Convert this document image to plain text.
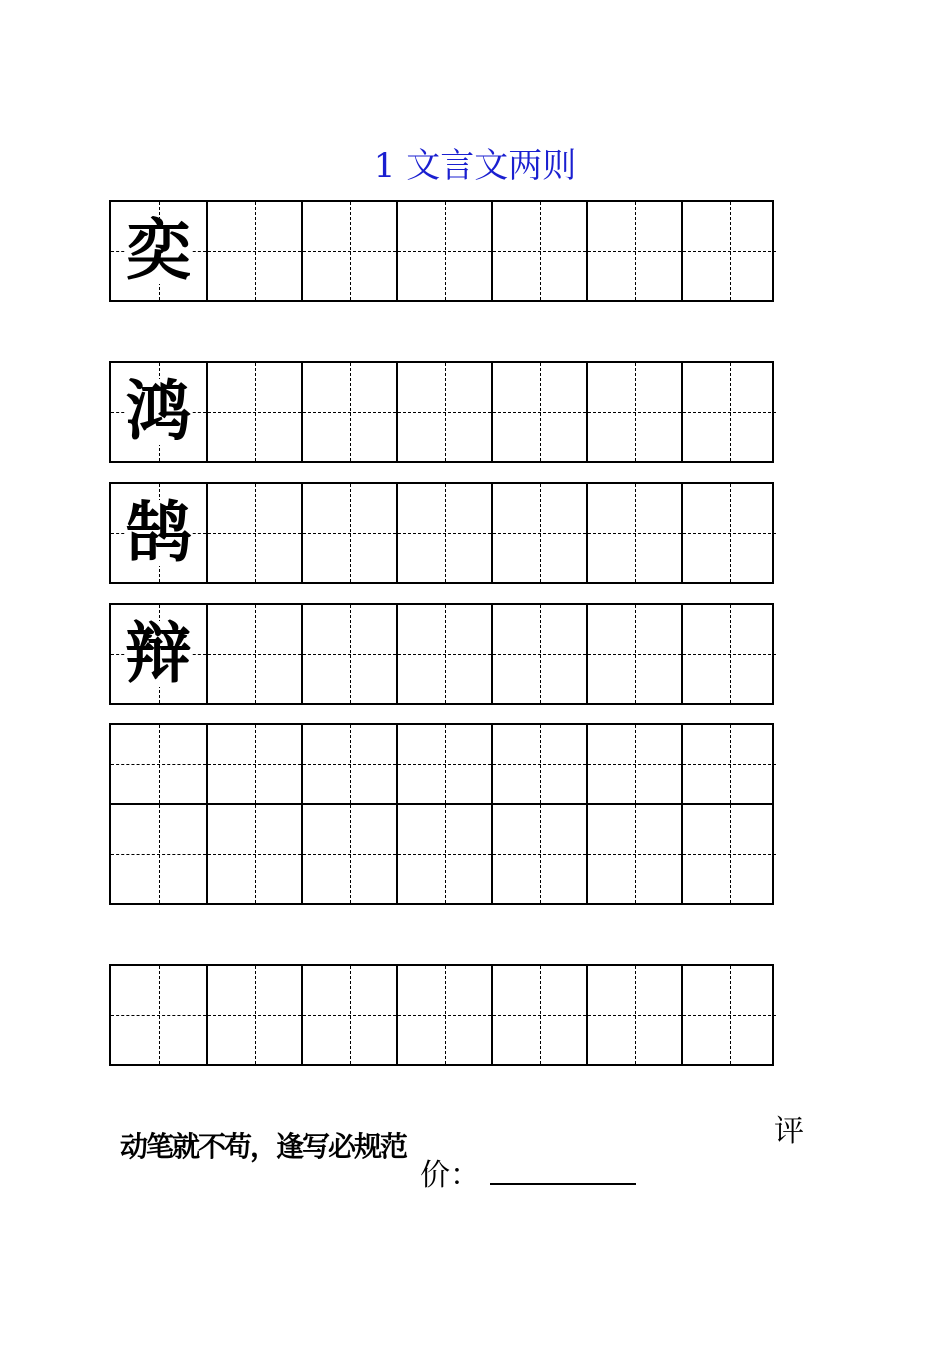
1 文言文两则
奕
鸿
鹄
辩
动笔就不苟，逢写必规范	评
价：
